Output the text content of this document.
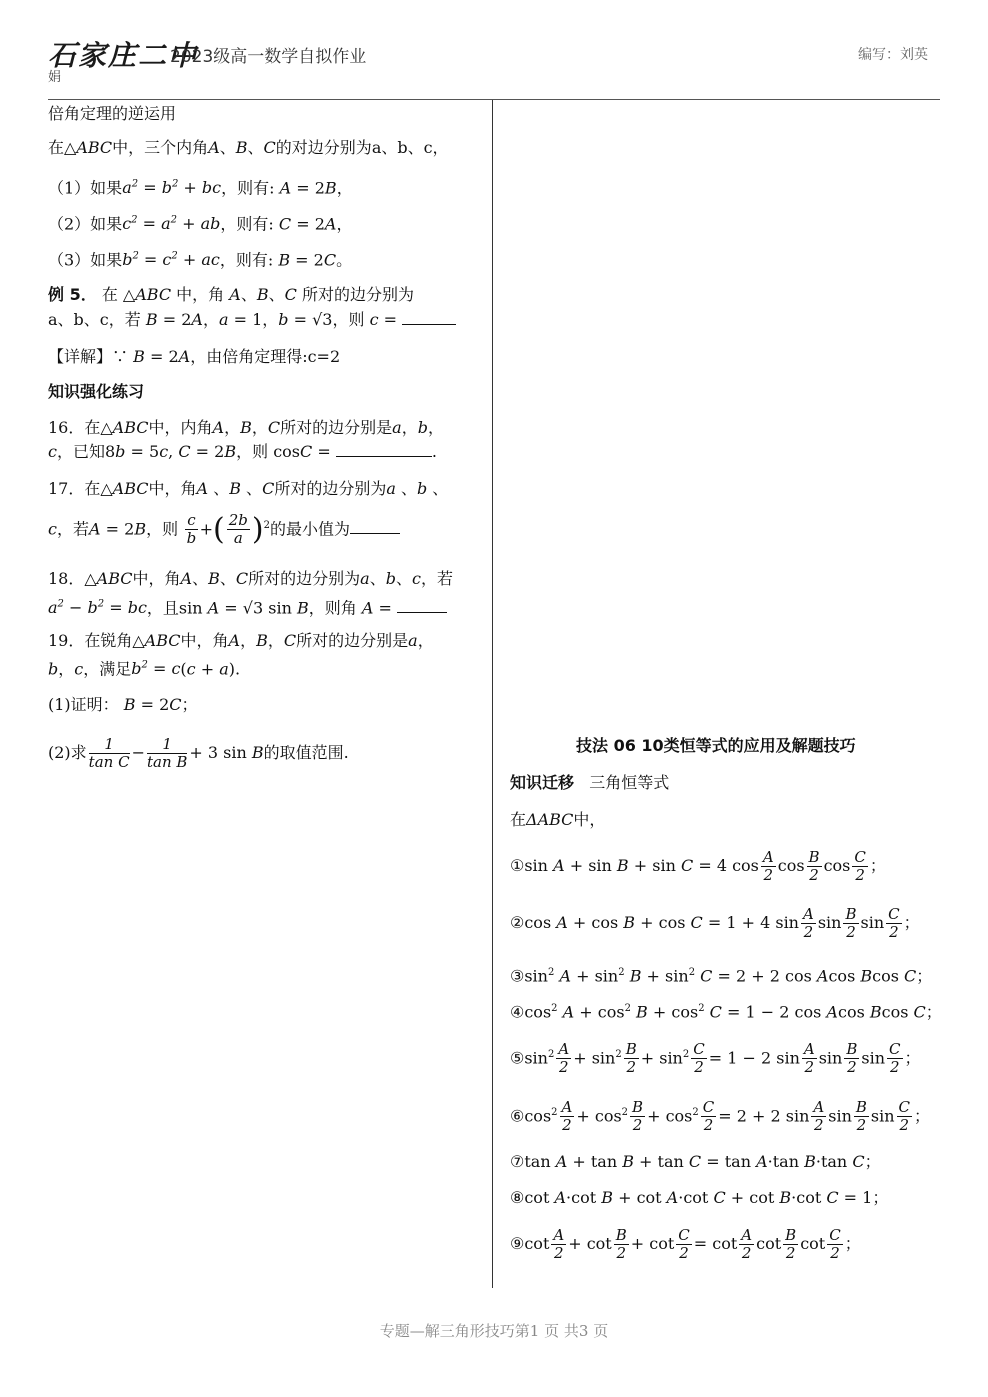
石家庄二中
2023级高一数学自拟作业	编写：刘英
娟
倍角定理的逆运用
在△ABC中，三个内角A、B、C的对边分别为a、b、c，
（1）如果$a^2 = b^2$ + bc，则有: A = 2B，
（2）如果$c^2 = a^2$ + ab，则有: C = 2A，
（3）如果$b^2 = c^2$ + ac，则有: B = 2C。
例 5． 在 △ABC 中，角 A、B、C 所对的边分别为
a、b、c，若 B = 2A，a = 1，b = √3，则 c =
【详解】∵ B = 2A，由倍角定理得:c=2
知识强化练习
16．在△ABC中，内角A，B，C所对的边分别是a，b，
c，已知8b = 5c, C = 2B，则 cosC =	.
17．在△ABC中，角A 、B 、C所对的边分别为a 、b 、
c，若A = 2B，则 $\frac{c}{b}$ +( $\frac{2b}{a} )^2$的最小值为
18．△ABC中，角A、B、C所对的边分别为a、b、c，若
$a^2 - b^2$ = bc，且sin A = √3 sin B，则角 A =
19．在锐角△ABC中，角A，B，C所对的边分别是a，
b，c，满足$b^2 = c(c + a)$.
(1)证明： B = 2C；
(2)求 $\frac{1}{\text{tan C}} - \frac{1}{\text{tan B}} + 3$ sin B的取值范围.	技法 06 10类恒等式的应用及解题技巧
知识迁移 三角恒等式
在ΔABC中，
①sin A + sin B + sin C = 4 $\cos \frac{A}{2}$ $\cos \frac{B}{2}$ $\cos \frac{C}{2}$ ；
②cos A + cos B + cos C = 1 + 4 $\sin \frac{A}{2}$ $\sin \frac{B}{2}$ $\sin \frac{C}{2}$ ；
$③\sin^2$ $A + \sin^2 B + \sin^2 C = 2 + 2$ cos Acos Bcos C；
$④\cos^2$ $A + \cos^2 B + \cos^2 C = 1 - 2$ cos Acos Bcos C；
$⑤\sin^2 \frac{A}{2} + \sin^2 \frac{B}{2} + \sin^2 \frac{C}{2} = 1 - 2$ $\sin \frac{A}{2}$ $\sin \frac{B}{2}$ $\sin \frac{C}{2}$ ；
$⑥\cos^2 \frac{A}{2} + \cos^2 \frac{B}{2} + \cos^2 \frac{C}{2} = 2 + 2$ $\sin \frac{A}{2}$ $\sin \frac{B}{2}$ $\sin \frac{C}{2}$ ；
⑦tan A + tan B + tan C = tan A·tan B·tan C；
⑧cot A·cot B + cot A·cot C + cot B·cot C = 1；
⑨cot $\frac{A}{2} + \cot \frac{B}{2} + \cot \frac{C}{2} = \cot \frac{A}{2}$ $\cot \frac{B}{2}$ $\cot \frac{C}{2}$ ；
专题—解三角形技巧第1 页 共3 页
